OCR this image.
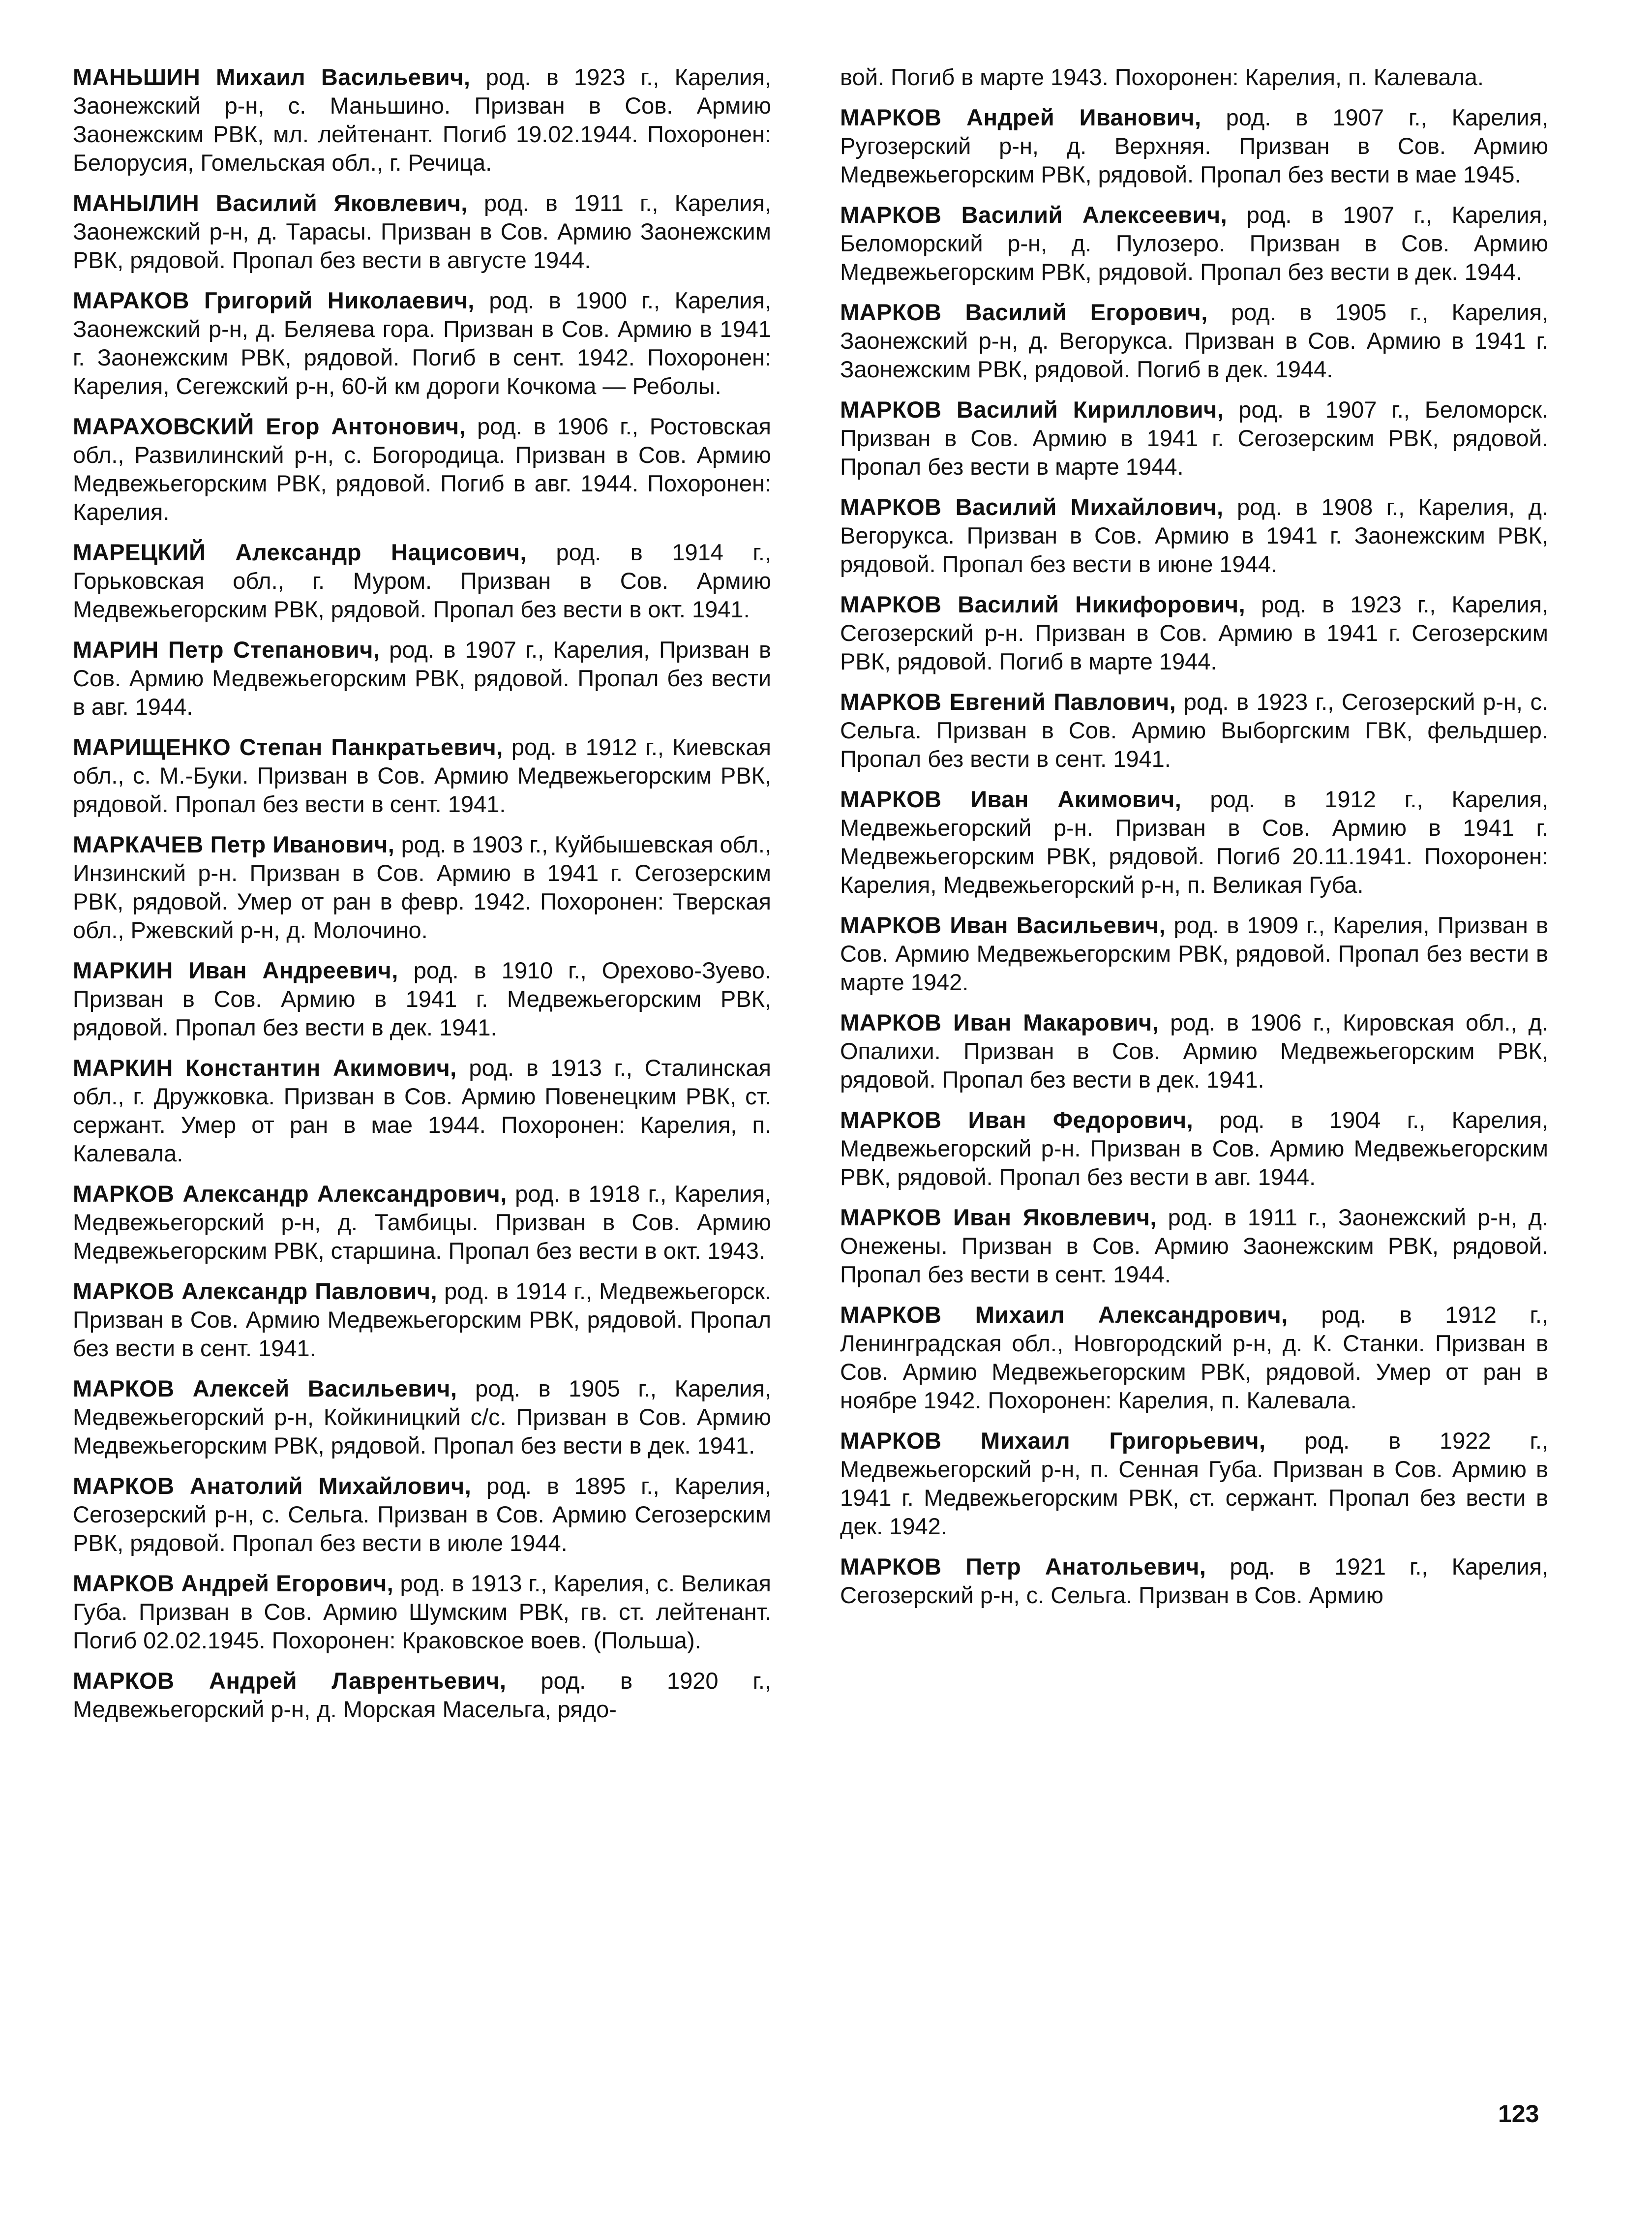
МАНЬШИН Михаил Васильевич, род. в 1923 г., Карелия, Заонежский р-н, с. Маньшино. Призван в Сов. Армию Заонежским РВК, мл. лейтенант. Погиб 19.02.1944. Похоронен: Белорусия, Гомельская обл., г. Речица.

МАНЫЛИН Василий Яковлевич, род. в 1911 г., Карелия, Заонежский р-н, д. Тарасы. Призван в Сов. Армию Заонежским РВК, рядовой. Пропал без вести в августе 1944.

МАРАКОВ Григорий Николаевич, род. в 1900 г., Карелия, Заонежский р-н, д. Беляева гора. Призван в Сов. Армию в 1941 г. Заонежским РВК, рядовой. Погиб в сент. 1942. Похоронен: Карелия, Сегежский р-н, 60-й км дороги Кочкома — Реболы.

МАРАХОВСКИЙ Егор Антонович, род. в 1906 г., Ростовская обл., Развилинский р-н, с. Богородица. Призван в Сов. Армию Медвежьегорским РВК, рядовой. Погиб в авг. 1944. Похоронен: Карелия.

МАРЕЦКИЙ Александр Нацисович, род. в 1914 г., Горьковская обл., г. Муром. Призван в Сов. Армию Медвежьегорским РВК, рядовой. Пропал без вести в окт. 1941.

МАРИН Петр Степанович, род. в 1907 г., Карелия, Призван в Сов. Армию Медвежьегорским РВК, рядовой. Пропал без вести в авг. 1944.

МАРИЩЕНКО Степан Панкратьевич, род. в 1912 г., Киевская обл., с. М.-Буки. Призван в Сов. Армию Медвежьегорским РВК, рядовой. Пропал без вести в сент. 1941.

МАРКАЧЕВ Петр Иванович, род. в 1903 г., Куйбышевская обл., Инзинский р-н. Призван в Сов. Армию в 1941 г. Сегозерским РВК, рядовой. Умер от ран в февр. 1942. Похоронен: Тверская обл., Ржевский р-н, д. Молочино.

МАРКИН Иван Андреевич, род. в 1910 г., Орехово-Зуево. Призван в Сов. Армию в 1941 г. Медвежьегорским РВК, рядовой. Пропал без вести в дек. 1941.

МАРКИН Константин Акимович, род. в 1913 г., Сталинская обл., г. Дружковка. Призван в Сов. Армию Повенецким РВК, ст. сержант. Умер от ран в мае 1944. Похоронен: Карелия, п. Калевала.

МАРКОВ Александр Александрович, род. в 1918 г., Карелия, Медвежьегорский р-н, д. Тамбицы. Призван в Сов. Армию Медвежьегорским РВК, старшина. Пропал без вести в окт. 1943.

МАРКОВ Александр Павлович, род. в 1914 г., Медвежьегорск. Призван в Сов. Армию Медвежьегорским РВК, рядовой. Пропал без вести в сент. 1941.

МАРКОВ Алексей Васильевич, род. в 1905 г., Карелия, Медвежьегорский р-н, Койкиницкий с/с. Призван в Сов. Армию Медвежьегорским РВК, рядовой. Пропал без вести в дек. 1941.

МАРКОВ Анатолий Михайлович, род. в 1895 г., Карелия, Сегозерский р-н, с. Сельга. Призван в Сов. Армию Сегозерским РВК, рядовой. Пропал без вести в июле 1944.

МАРКОВ Андрей Егорович, род. в 1913 г., Карелия, с. Великая Губа. Призван в Сов. Армию Шумским РВК, гв. ст. лейтенант. Погиб 02.02.1945. Похоронен: Краковское воев. (Польша).

МАРКОВ Андрей Лаврентьевич, род. в 1920 г., Медвежьегорский р-н, д. Морская Масельга, рядо-

вой. Погиб в марте 1943. Похоронен: Карелия, п. Калевала.

МАРКОВ Андрей Иванович, род. в 1907 г., Карелия, Ругозерский р-н, д. Верхняя. Призван в Сов. Армию Медвежьегорским РВК, рядовой. Пропал без вести в мае 1945.

МАРКОВ Василий Алексеевич, род. в 1907 г., Карелия, Беломорский р-н, д. Пулозеро. Призван в Сов. Армию Медвежьегорским РВК, рядовой. Пропал без вести в дек. 1944.

МАРКОВ Василий Егорович, род. в 1905 г., Карелия, Заонежский р-н, д. Вегорукса. Призван в Сов. Армию в 1941 г. Заонежским РВК, рядовой. Погиб в дек. 1944.

МАРКОВ Василий Кириллович, род. в 1907 г., Беломорск. Призван в Сов. Армию в 1941 г. Сегозерским РВК, рядовой. Пропал без вести в марте 1944.

МАРКОВ Василий Михайлович, род. в 1908 г., Карелия, д. Вегорукса. Призван в Сов. Армию в 1941 г. Заонежским РВК, рядовой. Пропал без вести в июне 1944.

МАРКОВ Василий Никифорович, род. в 1923 г., Карелия, Сегозерский р-н. Призван в Сов. Армию в 1941 г. Сегозерским РВК, рядовой. Погиб в марте 1944.

МАРКОВ Евгений Павлович, род. в 1923 г., Сегозерский р-н, с. Сельга. Призван в Сов. Армию Выборгским ГВК, фельдшер. Пропал без вести в сент. 1941.

МАРКОВ Иван Акимович, род. в 1912 г., Карелия, Медвежьегорский р-н. Призван в Сов. Армию в 1941 г. Медвежьегорским РВК, рядовой. Погиб 20.11.1941. Похоронен: Карелия, Медвежьегорский р-н, п. Великая Губа.

МАРКОВ Иван Васильевич, род. в 1909 г., Карелия, Призван в Сов. Армию Медвежьегорским РВК, рядовой. Пропал без вести в марте 1942.

МАРКОВ Иван Макарович, род. в 1906 г., Кировская обл., д. Опалихи. Призван в Сов. Армию Медвежьегорским РВК, рядовой. Пропал без вести в дек. 1941.

МАРКОВ Иван Федорович, род. в 1904 г., Карелия, Медвежьегорский р-н. Призван в Сов. Армию Медвежьегорским РВК, рядовой. Пропал без вести в авг. 1944.

МАРКОВ Иван Яковлевич, род. в 1911 г., Заонежский р-н, д. Онежены. Призван в Сов. Армию Заонежским РВК, рядовой. Пропал без вести в сент. 1944.

МАРКОВ Михаил Александрович, род. в 1912 г., Ленинградская обл., Новгородский р-н, д. К. Станки. Призван в Сов. Армию Медвежьегорским РВК, рядовой. Умер от ран в ноябре 1942. Похоронен: Карелия, п. Калевала.

МАРКОВ Михаил Григорьевич, род. в 1922 г., Медвежьегорский р-н, п. Сенная Губа. Призван в Сов. Армию в 1941 г. Медвежьегорским РВК, ст. сержант. Пропал без вести в дек. 1942.

МАРКОВ Петр Анатольевич, род. в 1921 г., Карелия, Сегозерский р-н, с. Сельга. Призван в Сов. Армию

123
